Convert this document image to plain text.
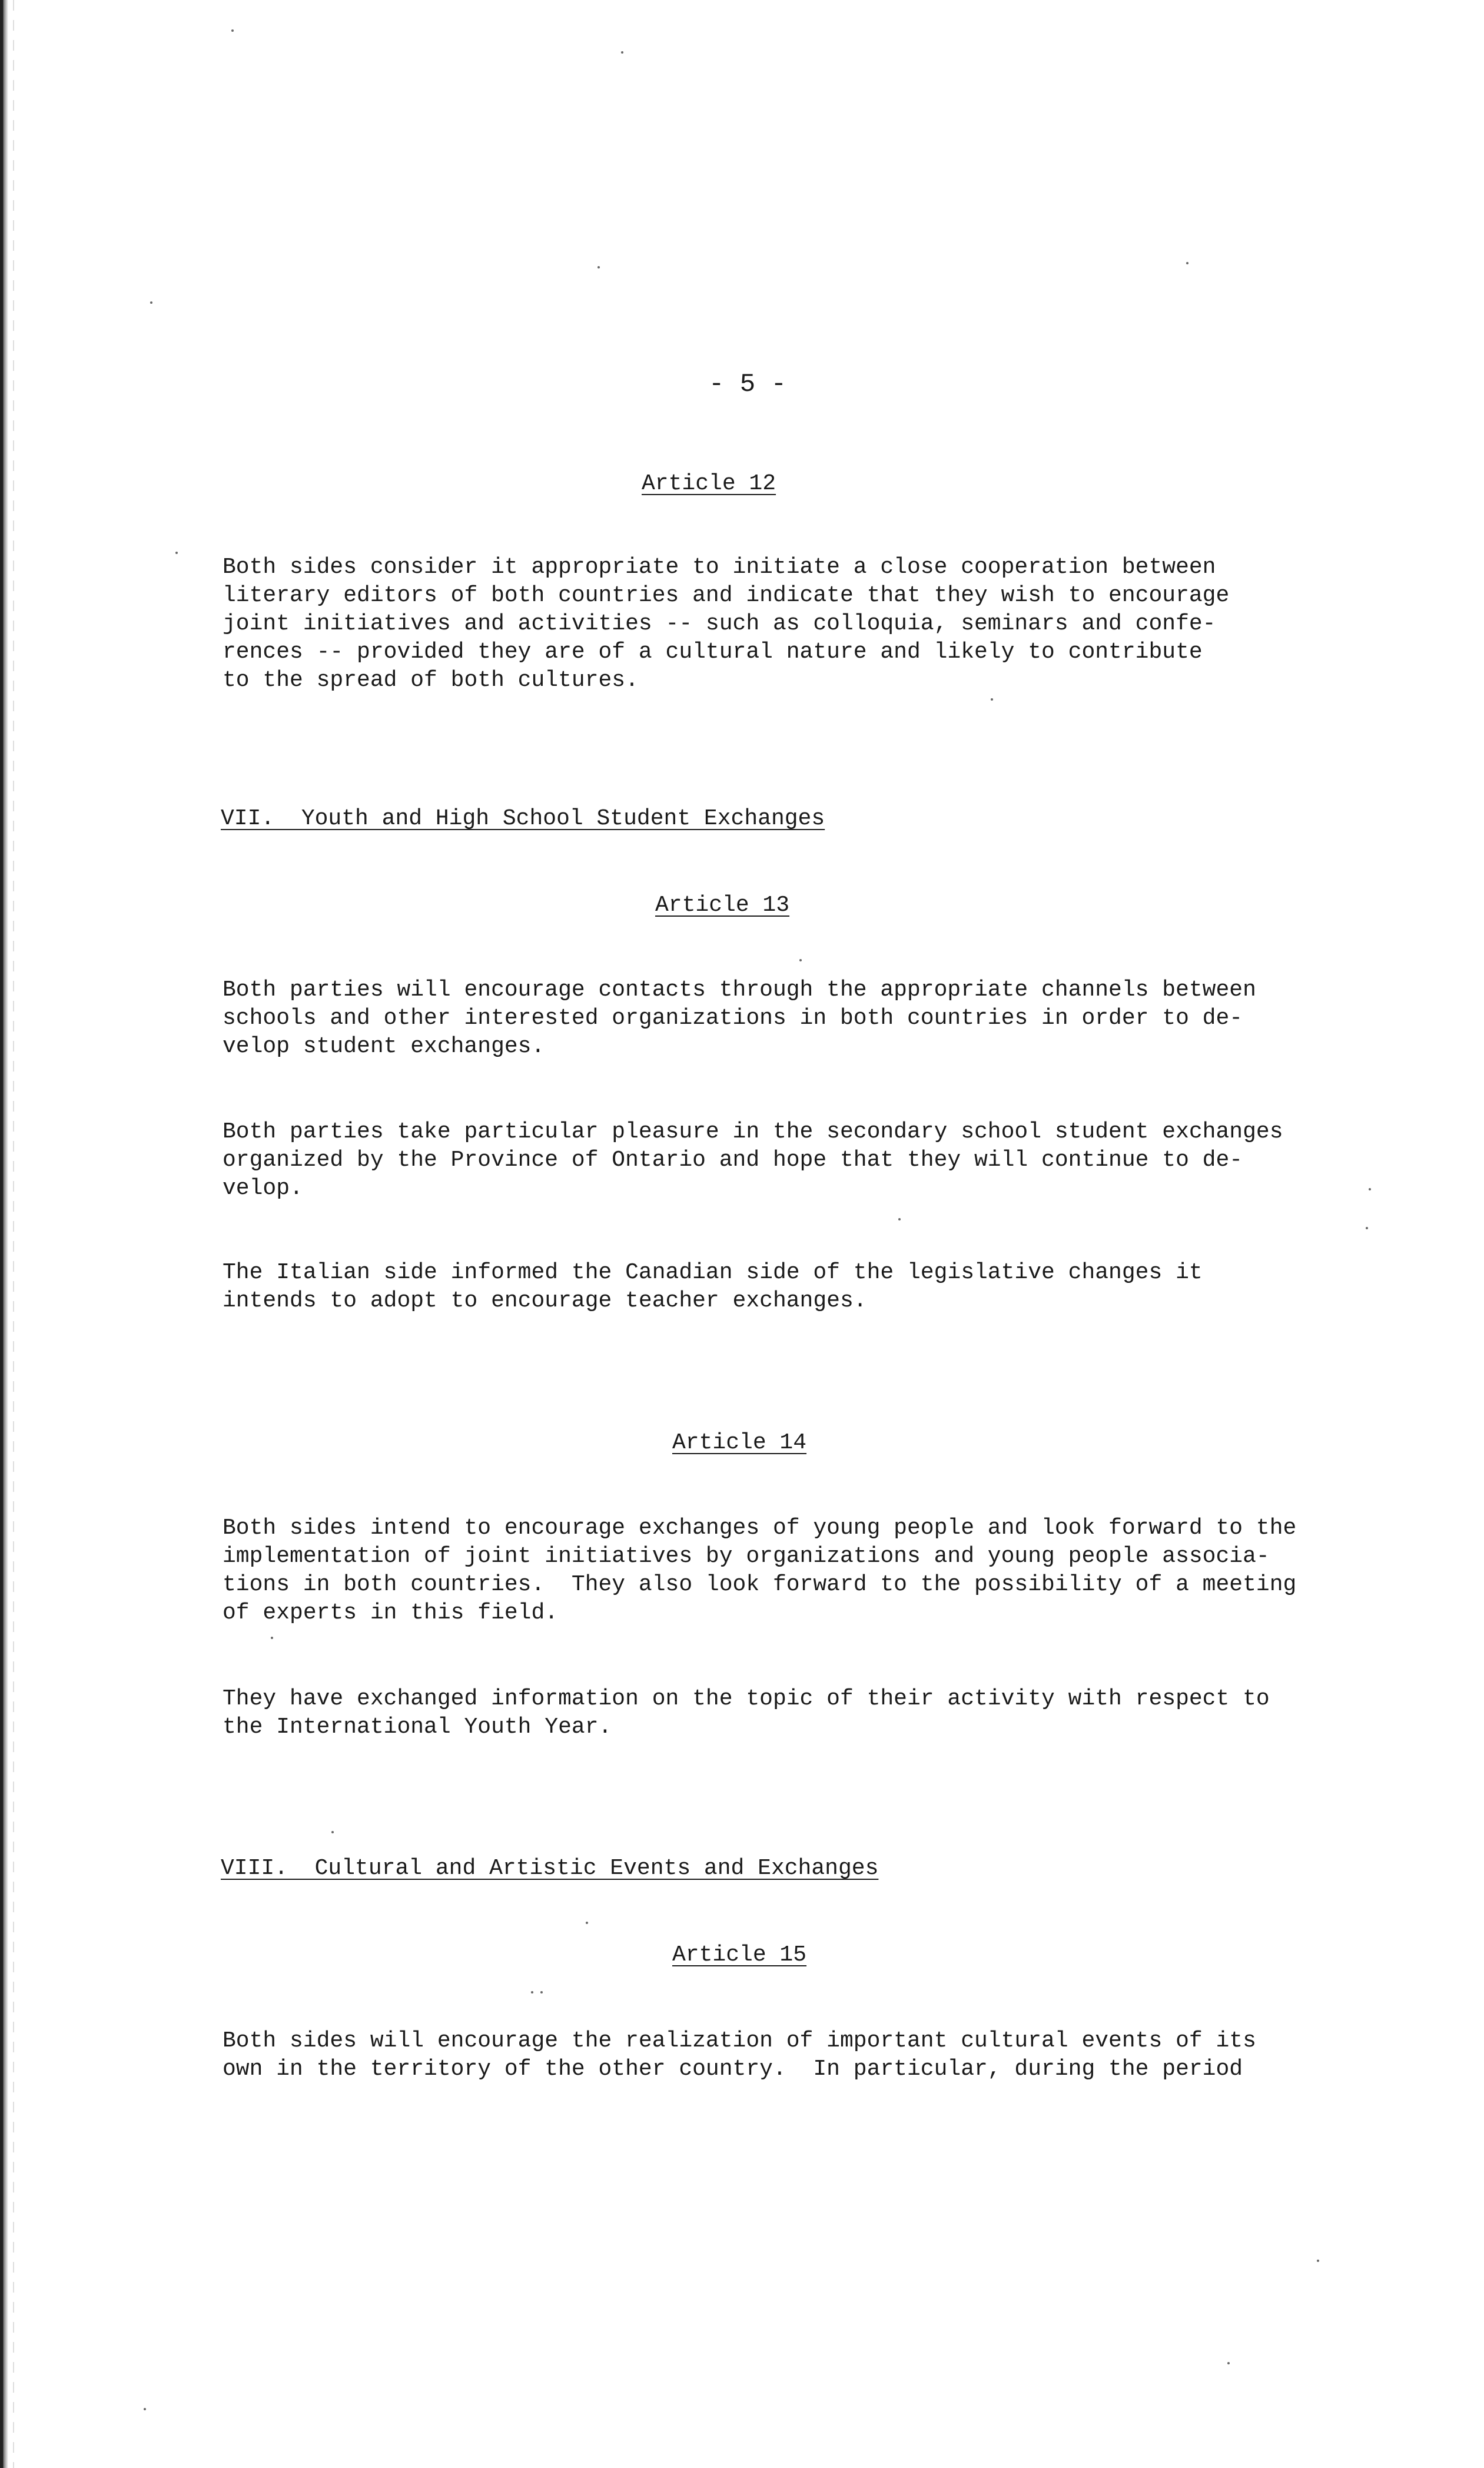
- 5 -
Article 12

Both sides consider it appropriate to initiate a close cooperation between
literary editors of both countries and indicate that they wish to encourage
joint initiatives and activities -- such as colloquia, seminars and confe-
rences -- provided they are of a cultural nature and likely to contribute
to the spread of both cultures.

VII.  Youth and High School Student Exchanges
Article 13

Both parties will encourage contacts through the appropriate channels between
schools and other interested organizations in both countries in order to de-
velop student exchanges.

Both parties take particular pleasure in the secondary school student exchanges
organized by the Province of Ontario and hope that they will continue to de-
velop.

The Italian side informed the Canadian side of the legislative changes it
intends to adopt to encourage teacher exchanges.

Article 14

Both sides intend to encourage exchanges of young people and look forward to the
implementation of joint initiatives by organizations and young people associa-
tions in both countries.  They also look forward to the possibility of a meeting
of experts in this field.

They have exchanged information on the topic of their activity with respect to
the International Youth Year.

VIII.  Cultural and Artistic Events and Exchanges
Article 15

Both sides will encourage the realization of important cultural events of its
own in the territory of the other country.  In particular, during the period
